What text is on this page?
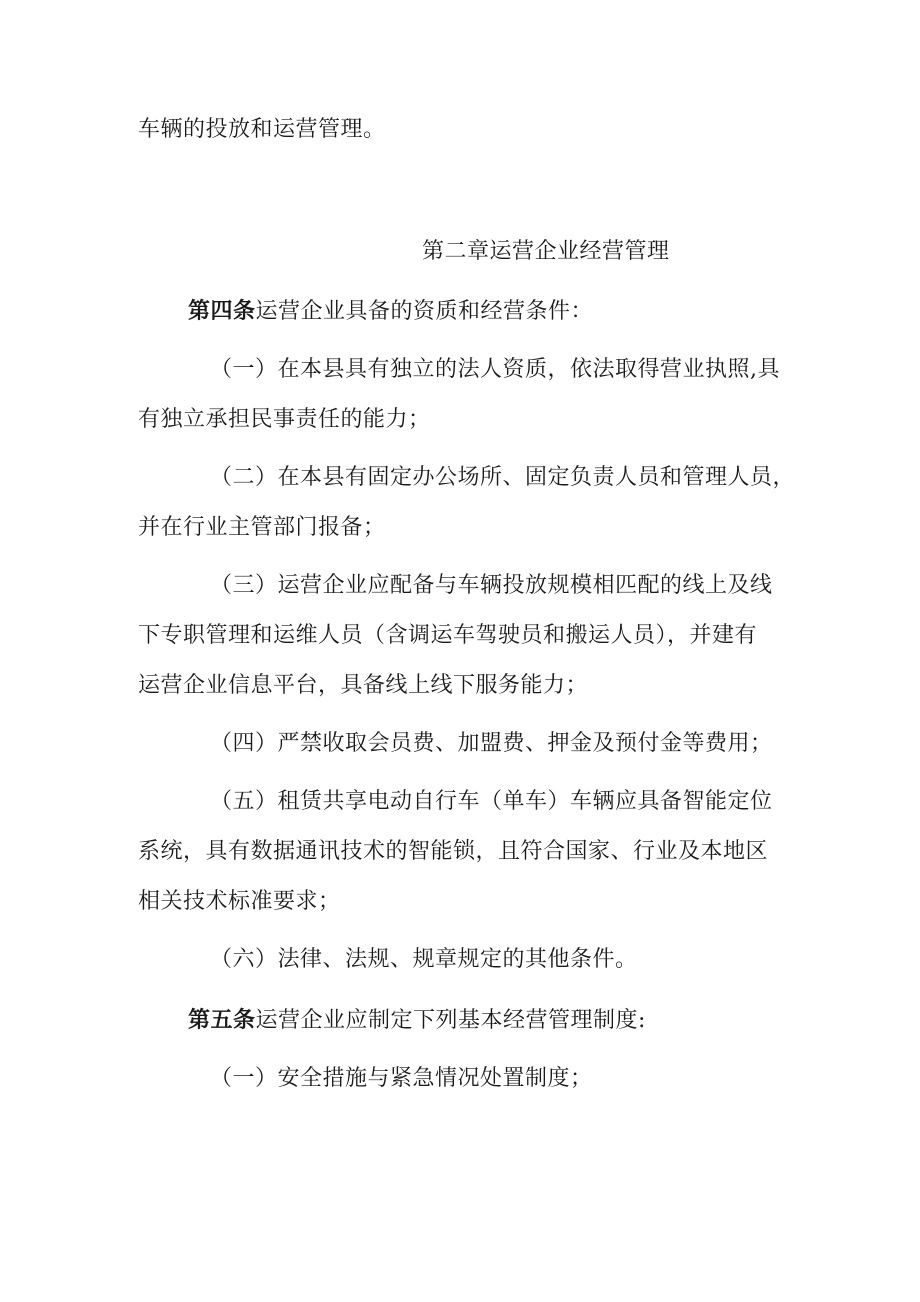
车辆的投放和运营管理。
第二章运营企业经营管理
第四条运营企业具备的资质和经营条件：
（一）在本县具有独立的法人资质，依法取得营业执照,具
有独立承担民事责任的能力；
（二）在本县有固定办公场所、固定负责人员和管理人员，
并在行业主管部门报备；
（三）运营企业应配备与车辆投放规模相匹配的线上及线
下专职管理和运维人员（含调运车驾驶员和搬运人员），并建有
运营企业信息平台，具备线上线下服务能力；
（四）严禁收取会员费、加盟费、押金及预付金等费用；
（五）租赁共享电动自行车（单车）车辆应具备智能定位
系统，具有数据通讯技术的智能锁，且符合国家、行业及本地区
相关技术标准要求；
（六）法律、法规、规章规定的其他条件。
第五条运营企业应制定下列基本经营管理制度:
（一）安全措施与紧急情况处置制度；
